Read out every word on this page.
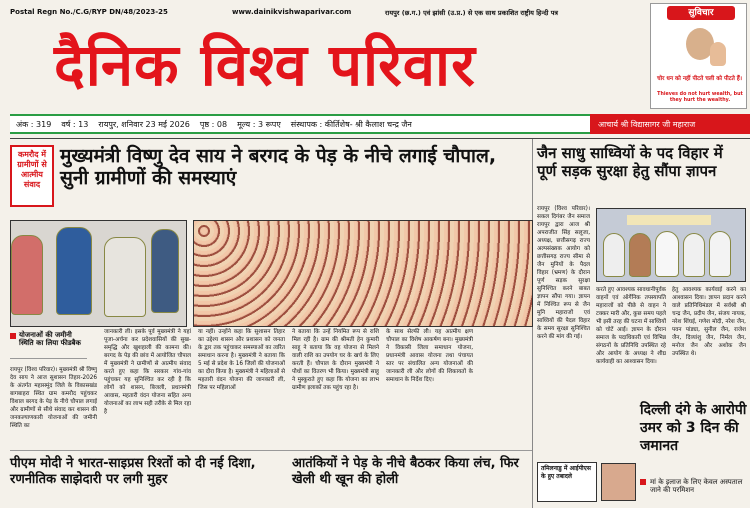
Postal Regn No./C.G/RYP DN/48/2023-25	www.dainikvishwaparivar.com	रायपुर (छ.ग.) एवं झांसी (उ.प्र.) से एक साथ प्रकाशित राष्ट्रीय हिन्दी पत्र
दैनिक विश्व परिवार
सुविचार
चोर धन को नहीं पीटते चली को पीटते हैं।
Thieves do not hurt wealth, but they hurt the wealthy.
अंक : 319 वर्ष : 13 रायपुर, शनिवार 23 मई 2026 पृष्ठ : 08 मूल्य : 3 रूपए संस्थापक : कीर्तिशेष- श्री कैलाश चन्द्र जैन	आचार्य श्री विद्यासागर जी महाराज
कमरौद में ग्रामीणों से आत्मीय संवाद
मुख्यमंत्री विष्णु देव साय ने बरगद के पेड़ के नीचे लगाई चौपाल, सुनी ग्रामीणों की समस्याएं
योजनाओं की जमीनी स्थिति का लिया फीडबैक
रायपुर (विश्व परिवार)। मुख्यमंत्री श्री विष्णु देव साय ने आज सुशासन तिहार-2026 के अंतर्गत महासमुंद जिले के विकासखंड बागबाहरा स्थित ग्राम कमरौद पहुंचकर विशाल बरगद के पेड़ के नीचे चौपाल लगाई और ग्रामीणों से सीधे संवाद कर शासन की जनकल्याणकारी योजनाओं की जमीनी स्थिति का
जानकारी ली। इसके पूर्व मुख्यमंत्री ने यहां पूजा-अर्चना कर प्रदेशवासियों की सुख-समृद्धि और खुशहाली की कामना की। बरगद के पेड़ की छांव में आयोजित चौपाल में मुख्यमंत्री ने ग्रामीणों से आत्मीय संवाद करते हुए कहा कि सरकार गांव-गांव पहुंचकर यह सुनिश्चित कर रही है कि लोगों को शासन, बिजली, प्रधानमंत्री आवास, महतारी वंदन योजना सहित अन्य योजनाओं का लाभ सही तरीके से मिल रहा है
या नहीं। उन्होंने कहा कि सुशासन तिहार का उद्देश्य शासन और प्रशासन को जनता के द्वार तक पहुंचाकर समस्याओं का त्वरित समाधान करना है। मुख्यमंत्री ने बताया कि 5 मई से प्रदेश के 16 जिलों की योजनाओं का दौरा किया है। मुख्यमंत्री ने महिलाओं से महतारी वंदन योजना की जानकारी ली, जिस पर महिलाओं
ने बताया कि उन्हें नियमित रूप से राशि मिल रही है। ग्राम की श्रीमती हेन कुमारी साहू ने बताया कि वह योजना से मिलने वाली राशि का उपयोग घर के खर्च के लिए करती हैं। चौपाल के दौरान मुख्यमंत्री ने पौधों का वितरण भी किया। मुख्यमंत्री साहू ने मुस्कुराते हुए कहा कि योजना का लाभ ग्रामीण इलाकों तक पहुंच रहा है।
के साथ सेल्फी ली। यह आत्मीय क्षण चौपाल का विशेष आकर्षण बना। मुख्यमंत्री ने विकासी जिला समाधान योजना, प्रधानमंत्री आवास योजना तथा पंचायत स्तर पर संचालित अन्य योजनाओं की जानकारी ली और लोगों की शिकायतों के समाधान के निर्देश दिए।
जैन साधु साध्वियों के पद विहार में पूर्ण सड़क सुरक्षा हेतु सौंपा ज्ञापन
रायपुर (विश्व परिवार)। सकल दिगंबर जैन समाज रायपुर द्वारा आज श्री अपराजीत सिंह सलूजा, अध्यक्ष, छत्तीसगढ़ राज्य अल्पसंख्यक आयोग को छत्तीसगढ़ राज्य सीमा से जैन मुनियों के पैदल विहार (भ्रमण) के दौरान पूर्ण सड़क सुरक्षा सुनिश्चित करने बाबत ज्ञापन सौंपा गया। ज्ञापन में निश्चित रूप से जैन मुनि महाराजों एवं साध्वियों की पैदल विहार के समय सुरक्षा सुनिश्चित करने की मांग की गई।
करते हुए आवश्यक सावधानीपूर्वक वाहनों एवं ऑर्गेनिक तपस्यापति महाराजों को पीछे से वाहन ने टक्कर मारी और, कुछ समय पहले भी इसी तरह की घटना में साध्वियों को चोटें आईं। ज्ञापन के दौरान समाज के पदाधिकारी एवं विभिन्न संगठनों के प्रतिनिधि उपस्थित रहे और आयोग के अध्यक्ष ने शीघ्र कार्यवाही का आश्वासन दिया।
हेतु आवश्यक कार्यवाई करने का आश्वासन दिया। ज्ञापन प्रदान करने वाले प्रतिनिधिमंडल में सर्वश्री श्री चन्द्र जैन, प्रदीप जैन, संजय नायक, नरेश शिंघई, गणेश मोदी, नरेश जैन, पवन पांड्या, सुनील जैन, राजेश जैन, दिव्यांशु जैन, निर्मल जैन, मनोज जैन और अशोक जैन उपस्थित थे।
तमिलनाडु में आईपीएस के हुए तबादले
दिल्ली दंगे के आरोपी उमर को 3 दिन की जमानत
मां के इलाज के लिए केवल अस्पताल जाने की परमिशन
पीएम मोदी ने भारत-साइप्रस रिश्तों को दी नई दिशा, रणनीतिक साझेदारी पर लगी मुहर
आतंकियों ने पेड़ के नीचे बैठकर किया लंच, फिर खेली थी खून की होली
